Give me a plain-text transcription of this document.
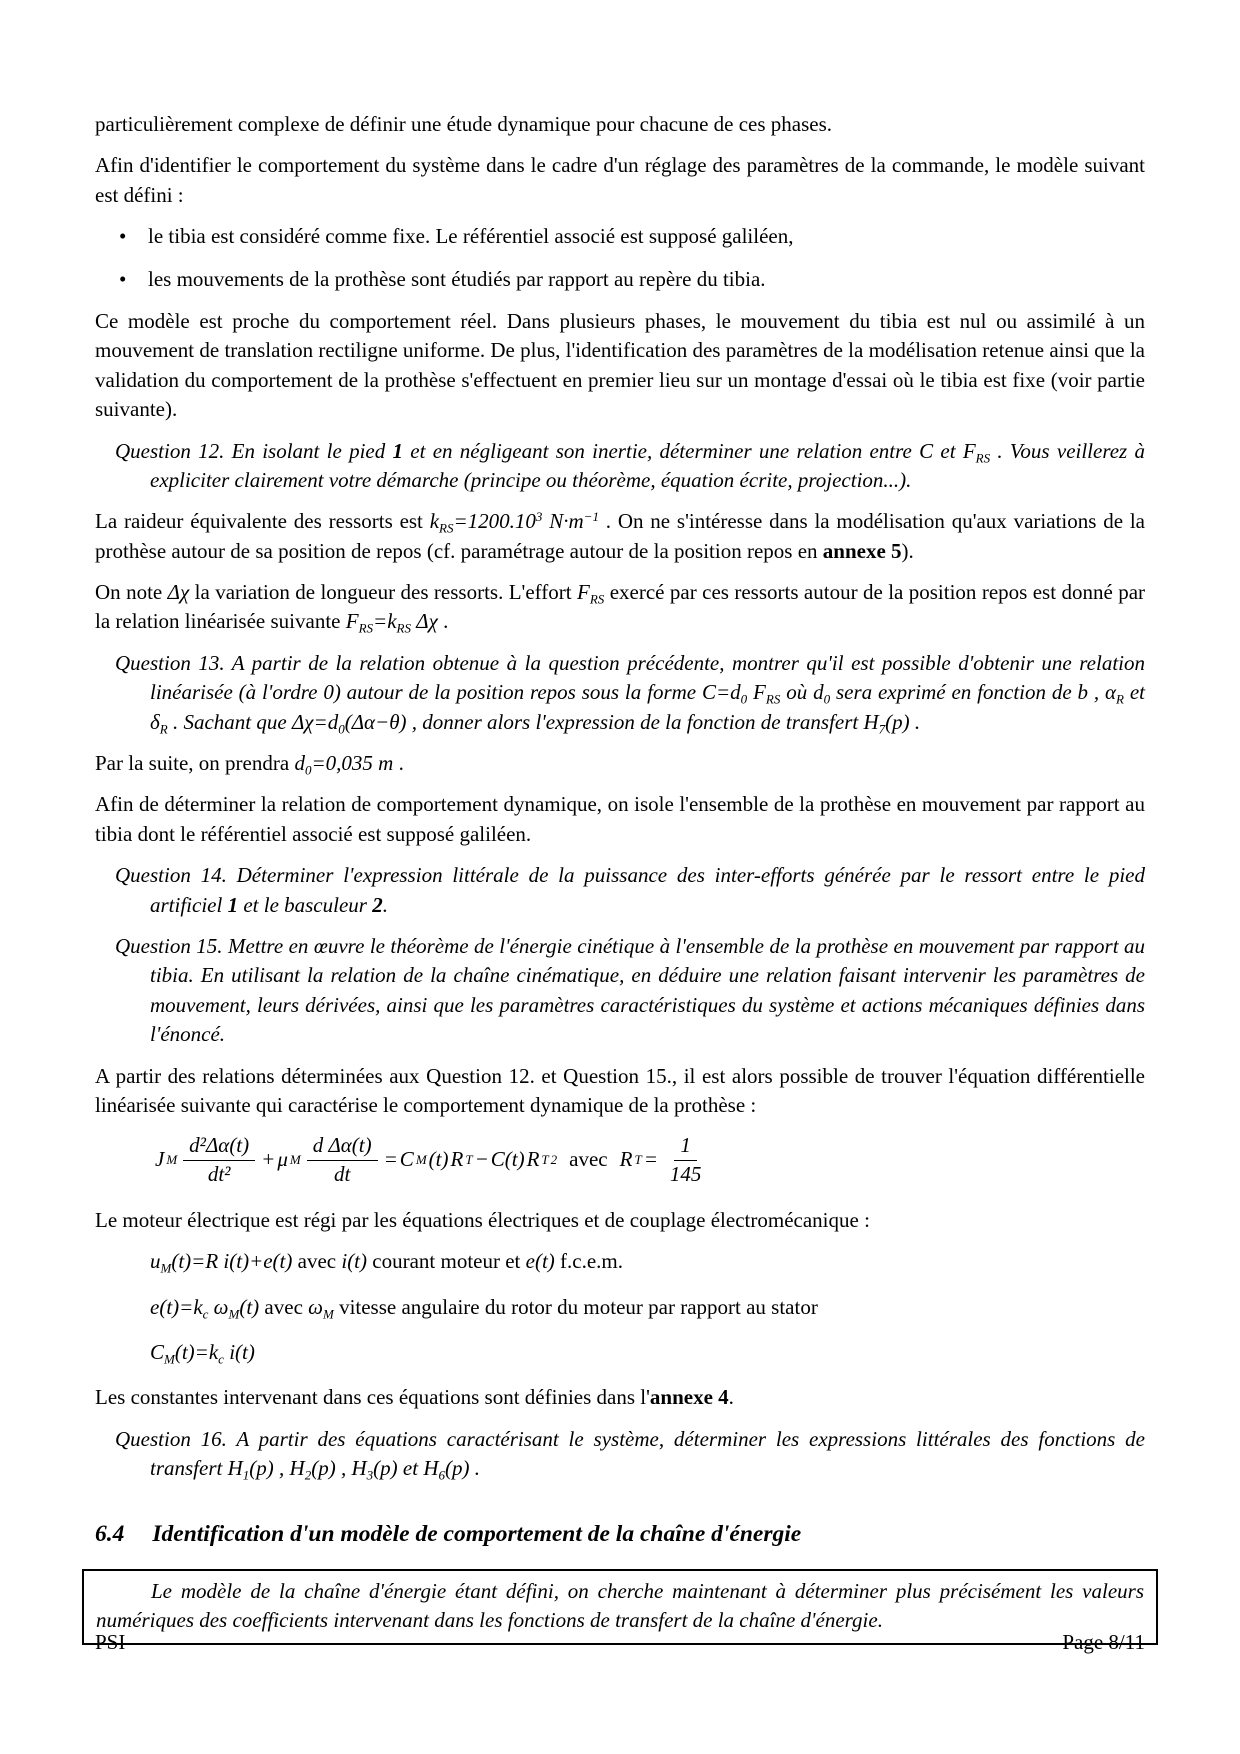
particulièrement complexe de définir une étude dynamique pour chacune de ces phases.

Afin d'identifier le comportement du système dans le cadre d'un réglage des paramètres de la commande, le modèle suivant est défini :

• le tibia est considéré comme fixe. Le référentiel associé est supposé galiléen,
• les mouvements de la prothèse sont étudiés par rapport au repère du tibia.

Ce modèle est proche du comportement réel. Dans plusieurs phases, le mouvement du tibia est nul ou assimilé à un mouvement de translation rectiligne uniforme. De plus, l'identification des paramètres de la modélisation retenue ainsi que la validation du comportement de la prothèse s'effectuent en premier lieu sur un montage d'essai où le tibia est fixe (voir partie suivante).

Question 12. En isolant le pied 1 et en négligeant son inertie, déterminer une relation entre C et $F_{RS}$ . Vous veillerez à expliciter clairement votre démarche (principe ou théorème, équation écrite, projection...).

La raideur équivalente des ressorts est $k_{RS}=1200.10^3$ $N\cdot m^{-1}$ . On ne s'intéresse dans la modélisation qu'aux variations de la prothèse autour de sa position de repos (cf. paramétrage autour de la position repos en annexe 5).

On note Δχ la variation de longueur des ressorts. L'effort $F_{RS}$ exercé par ces ressorts autour de la position repos est donné par la relation linéarisée suivante $F_{RS}=k_{RS}$ Δχ .

Question 13. A partir de la relation obtenue à la question précédente, montrer qu'il est possible d'obtenir une relation linéarisée (à l'ordre 0) autour de la position repos sous la forme $C=d_0$ $F_{RS}$ où $d_0$ sera exprimé en fonction de b , $\alpha_R$ et $\delta_R$ . Sachant que $\Delta\chi=d_0(\Delta\alpha-\theta)$ , donner alors l'expression de la fonction de transfert $H_7(p)$ .

Par la suite, on prendra $d_0=0,035$ m .

Afin de déterminer la relation de comportement dynamique, on isole l'ensemble de la prothèse en mouvement par rapport au tibia dont le référentiel associé est supposé galiléen.

Question 14. Déterminer l'expression littérale de la puissance des inter-efforts générée par le ressort entre le pied artificiel 1 et le basculeur 2.

Question 15. Mettre en œuvre le théorème de l'énergie cinétique à l'ensemble de la prothèse en mouvement par rapport au tibia. En utilisant la relation de la chaîne cinématique, en déduire une relation faisant intervenir les paramètres de mouvement, leurs dérivées, ainsi que les paramètres caractéristiques du système et actions mécaniques définies dans l'énoncé.

A partir des relations déterminées aux Question 12. et Question 15., il est alors possible de trouver l'équation différentielle linéarisée suivante qui caractérise le comportement dynamique de la prothèse :

J M $\frac{\text{d²Δα(t)}}{\text{dt²}} + \mu$ M $\frac{\text{d Δα(t)}}{dt} = C$ M (t) R T − C(t) R T 2 avec R $T = \frac{1}{145}$

Le moteur électrique est régi par les équations électriques et de couplage électromécanique :

$u_M(t)=R$ i(t)+e(t) avec i(t) courant moteur et e(t) f.c.e.m.

$e(t)=k_c$ $\omega_M(t)$ avec $\omega_M$ vitesse angulaire du rotor du moteur par rapport au stator

$C_M(t)=k_c$ i(t)

Les constantes intervenant dans ces équations sont définies dans l'annexe 4.

Question 16. A partir des équations caractérisant le système, déterminer les expressions littérales des fonctions de transfert $H_1(p)$ , $H_2(p)$ , $H_3(p)$ et $H_6(p)$ .

6.4 Identification d'un modèle de comportement de la chaîne d'énergie

Le modèle de la chaîne d'énergie étant défini, on cherche maintenant à déterminer plus précisément les valeurs numériques des coefficients intervenant dans les fonctions de transfert de la chaîne d'énergie.

PSI	Page 8/11
